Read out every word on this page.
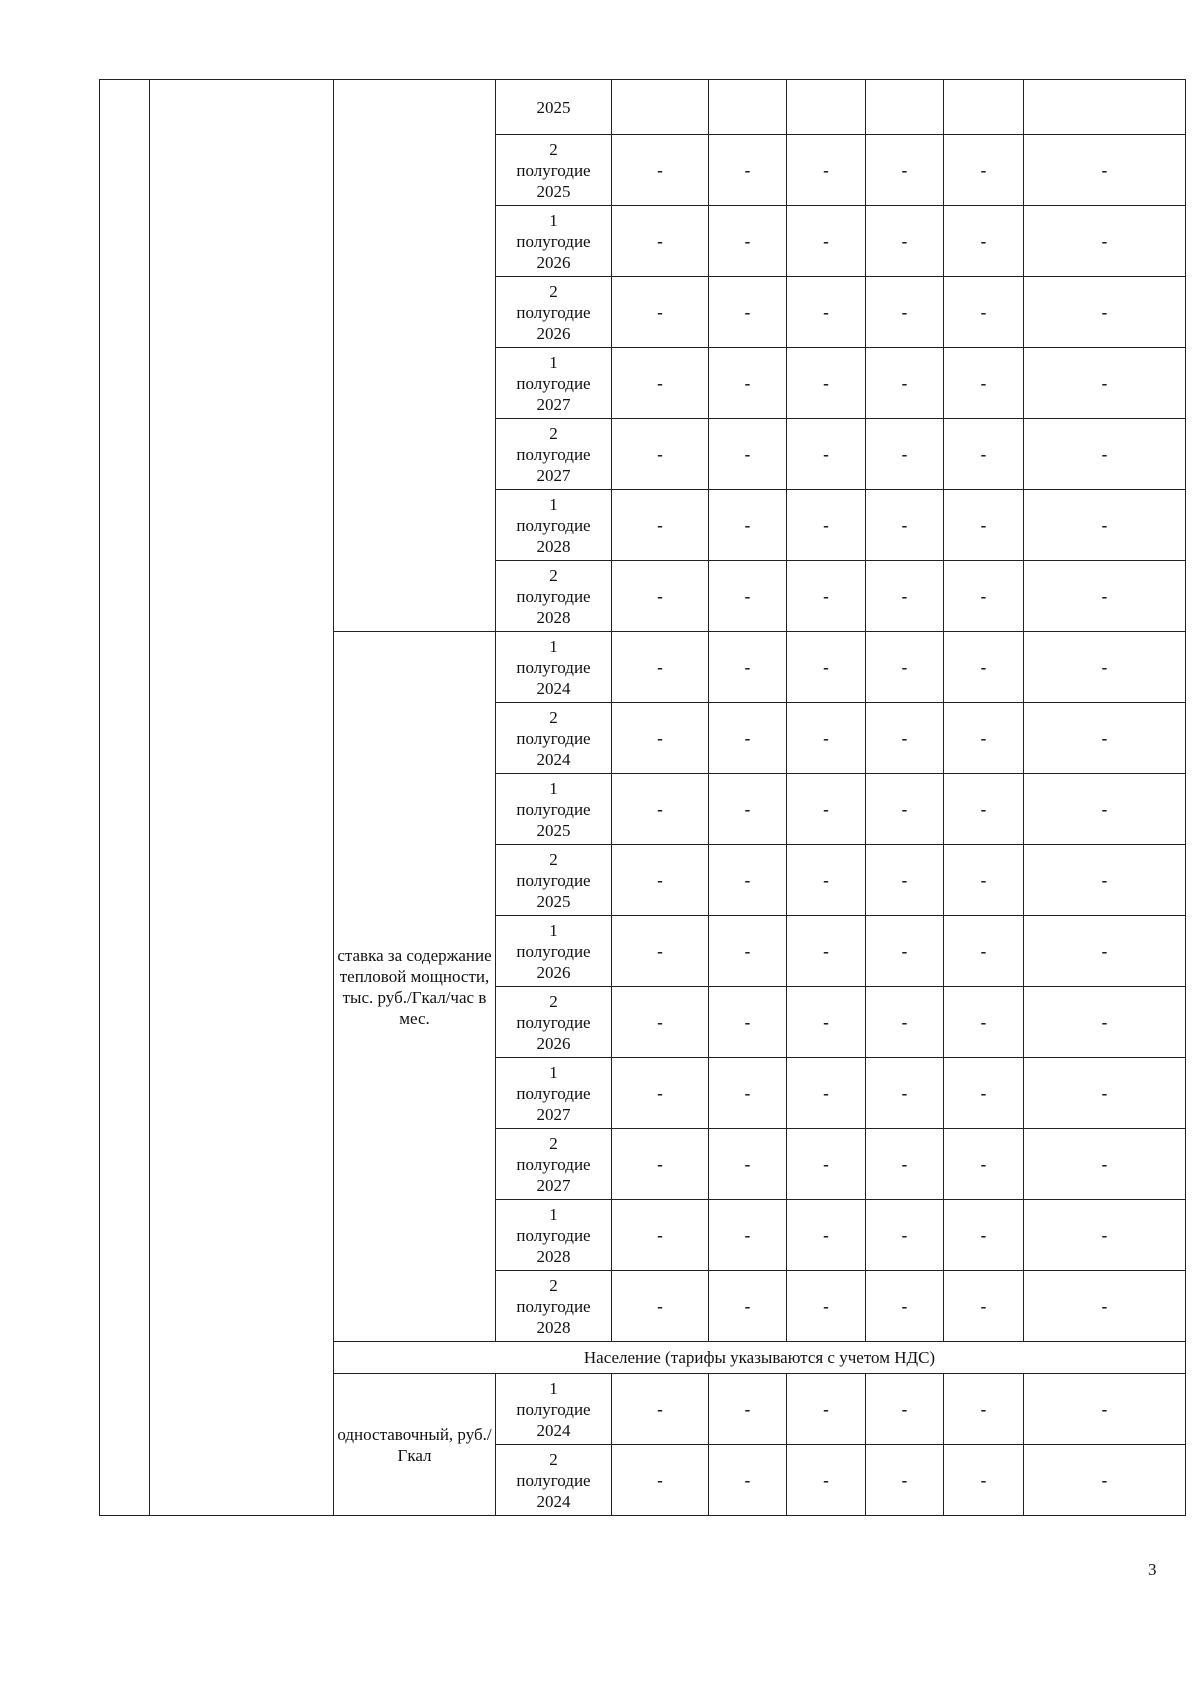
			2025						

			2
полугодие
2025	-	-	-	-	-	-

			1
полугодие
2026	-	-	-	-	-	-

			2
полугодие
2026	-	-	-	-	-	-

			1
полугодие
2027	-	-	-	-	-	-

			2
полугодие
2027	-	-	-	-	-	-

			1
полугодие
2028	-	-	-	-	-	-

			2
полугодие
2028	-	-	-	-	-	-
		ставка за содержание тепловой мощности, тыс. руб./Гкал/час в мес.	1
полугодие
2024	-	-	-	-	-	-

			2
полугодие
2024	-	-	-	-	-	-

			1
полугодие
2025	-	-	-	-	-	-

			2
полугодие
2025	-	-	-	-	-	-

			1
полугодие
2026	-	-	-	-	-	-

			2
полугодие
2026	-	-	-	-	-	-

			1
полугодие
2027	-	-	-	-	-	-

			2
полугодие
2027	-	-	-	-	-	-

			1
полугодие
2028	-	-	-	-	-	-

			2
полугодие
2028	-	-	-	-	-	-
		Население (тарифы указываются с учетом НДС)							
		одноставочный, руб./Гкал	1
полугодие
2024	-	-	-	-	-	-

			2
полугодие
2024	-	-	-	-	-	-
3
